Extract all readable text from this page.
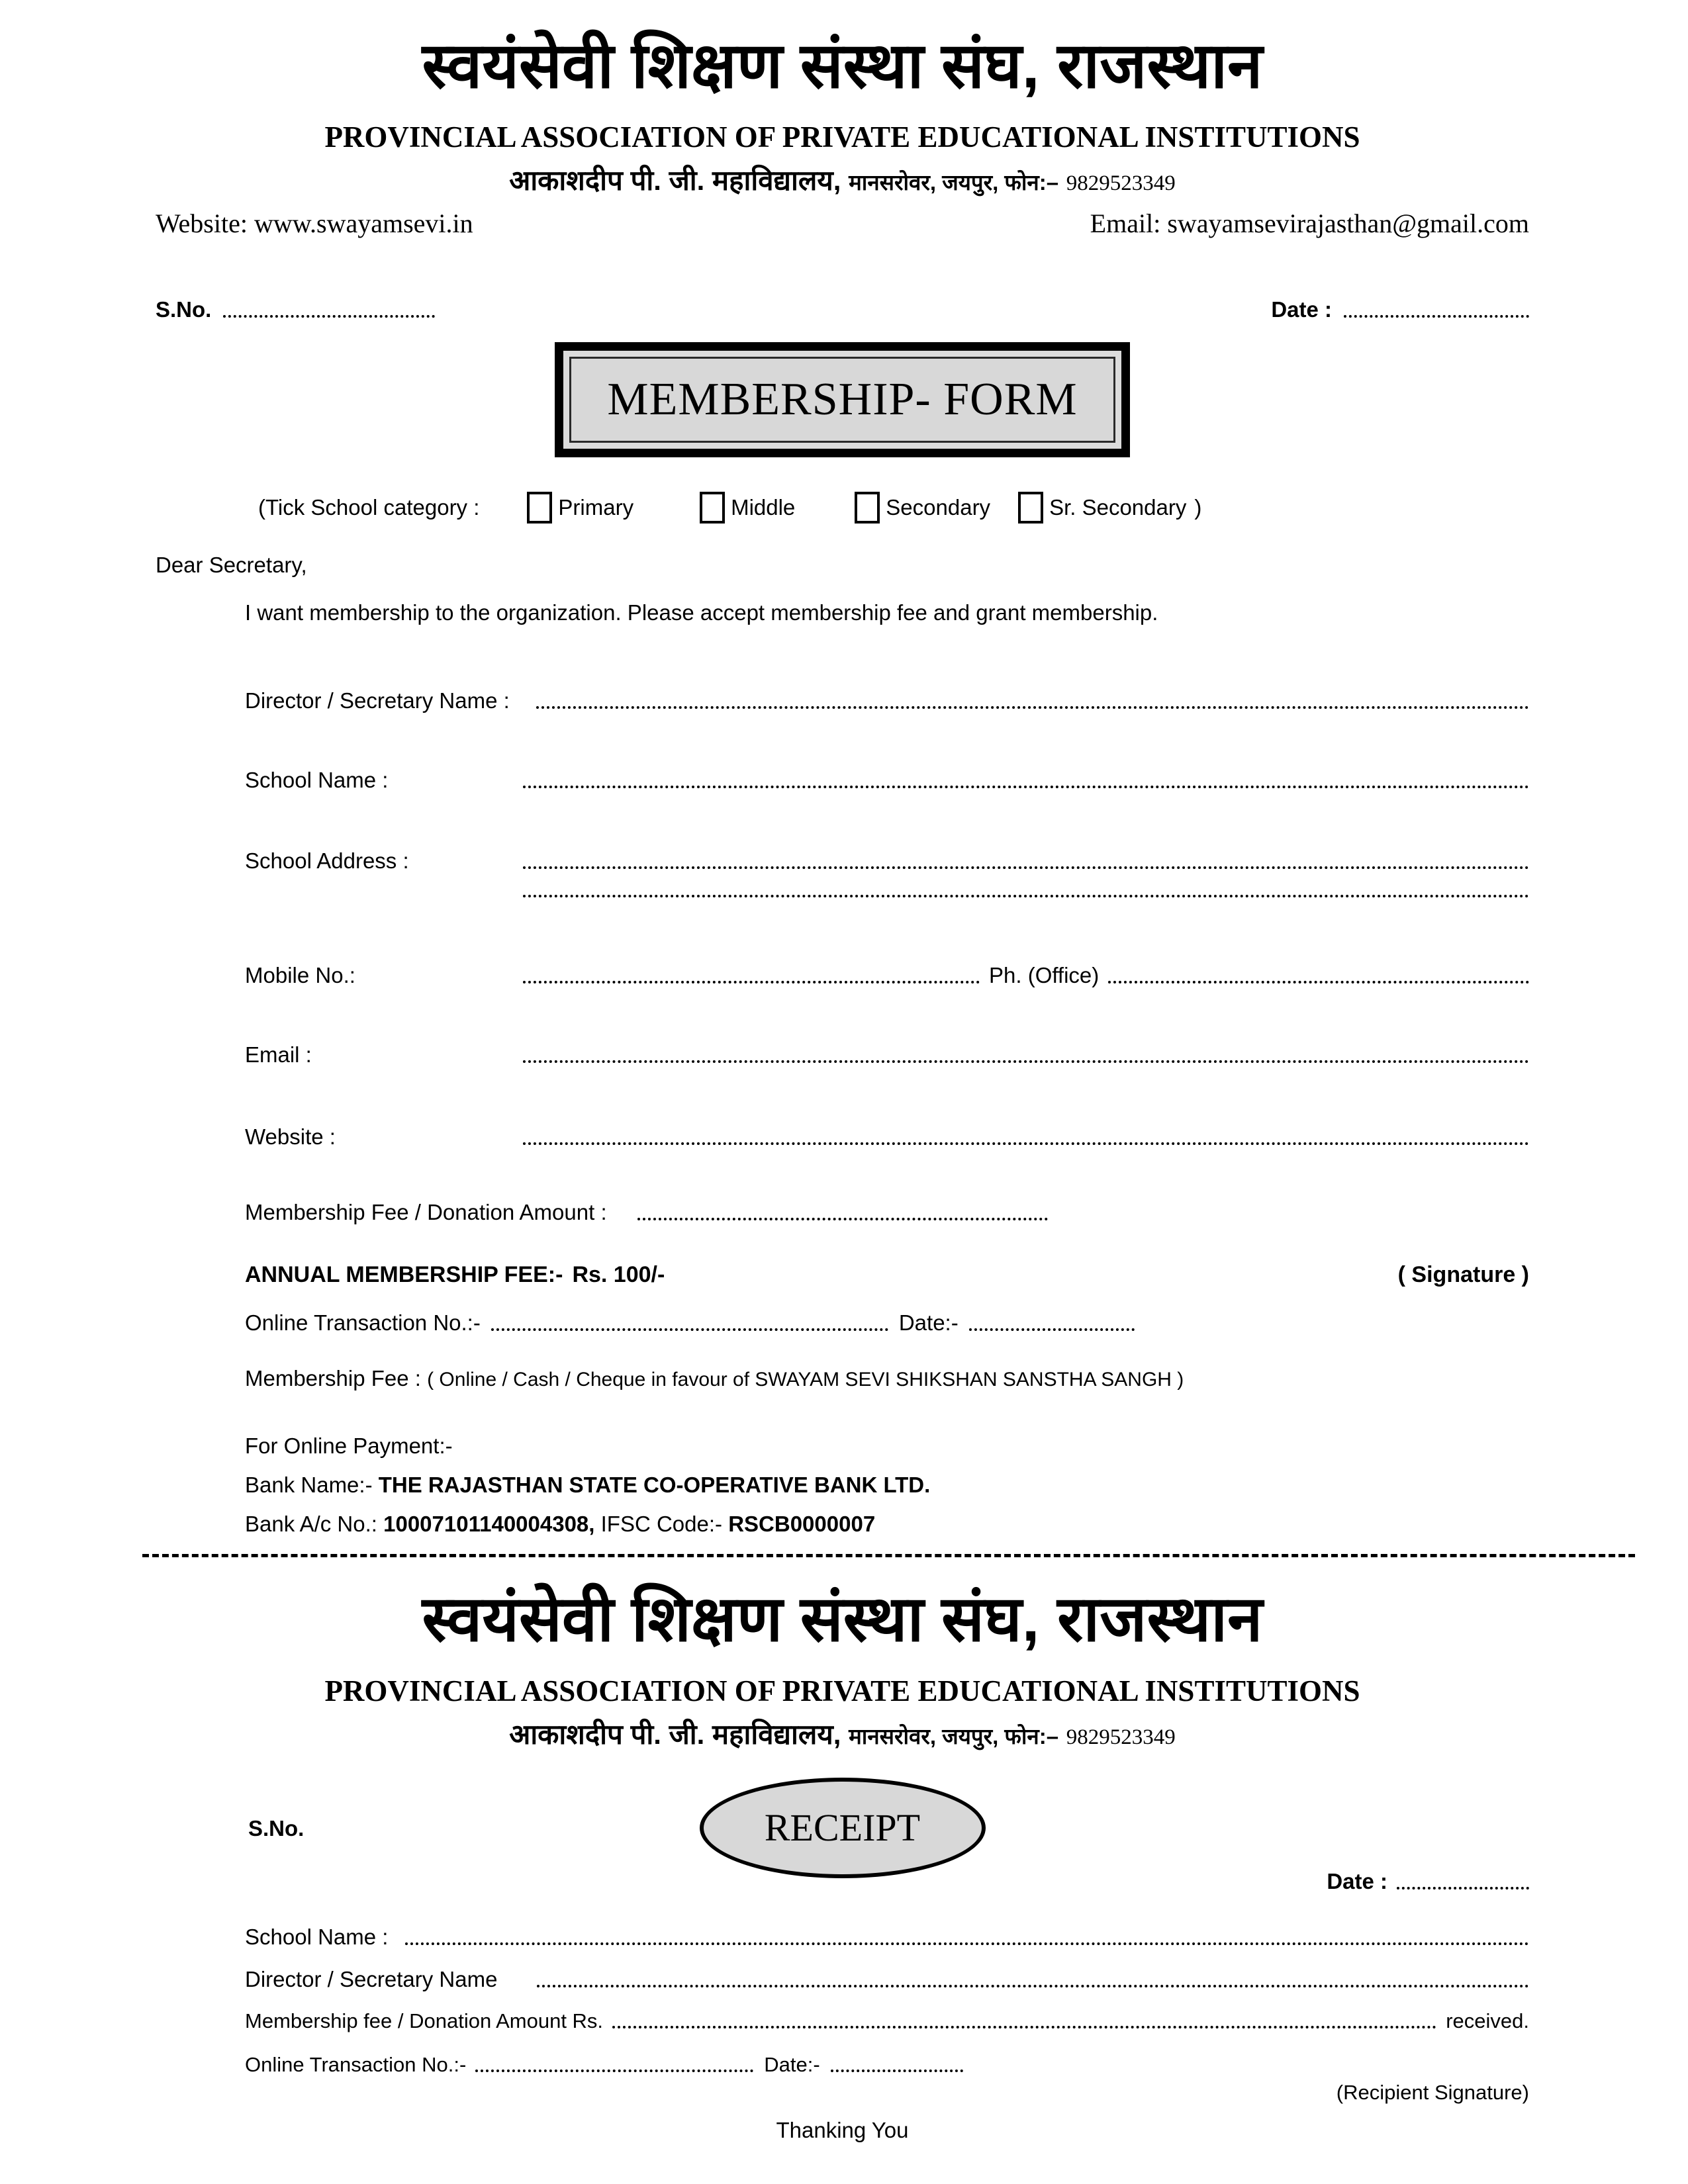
स्वयंसेवी शिक्षण संस्था संघ, राजस्थान
PROVINCIAL ASSOCIATION OF PRIVATE EDUCATIONAL INSTITUTIONS
आकाशदीप पी. जी. महाविद्यालय, मानसरोवर, जयपुर, फोन:– 9829523349
Website: www.swayamsevi.in	Email: swayamsevirajasthan@gmail.com
S.No.	Date :
MEMBERSHIP- FORM
(Tick School category :	Primary	Middle	Secondary	Sr. Secondary )
Dear Secretary,
I want membership to the organization. Please accept membership fee and grant membership.
Director / Secretary Name :
School Name :
School Address :
Mobile No.:	Ph. (Office)
Email :
Website :
Membership Fee / Donation Amount :
ANNUAL MEMBERSHIP FEE:- Rs. 100/-	( Signature )
Online Transaction No.:-	Date:-
Membership Fee : ( Online / Cash / Cheque in favour of SWAYAM SEVI SHIKSHAN SANSTHA SANGH )
For Online Payment:-
Bank Name:- THE RAJASTHAN STATE CO-OPERATIVE BANK LTD.
Bank A/c No.: 10007101140004308, IFSC Code:- RSCB0000007
स्वयंसेवी शिक्षण संस्था संघ, राजस्थान
PROVINCIAL ASSOCIATION OF PRIVATE EDUCATIONAL INSTITUTIONS
आकाशदीप पी. जी. महाविद्यालय, मानसरोवर, जयपुर, फोन:– 9829523349
S.No.	RECEIPT
Date :
School Name :
Director / Secretary Name
Membership fee / Donation Amount Rs.	received.
Online Transaction No.:-	Date:-
(Recipient Signature)
Thanking You
